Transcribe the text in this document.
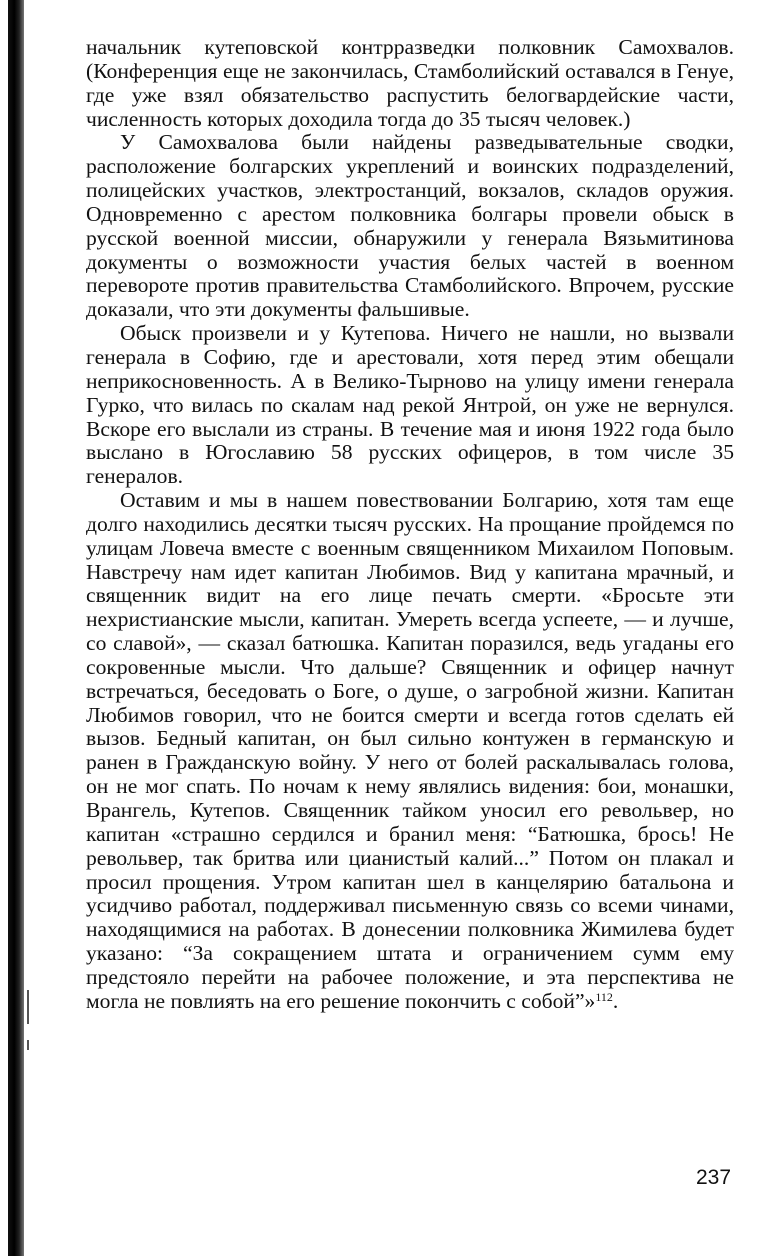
начальник кутеповской контрразведки полковник Самохвалов. (Конференция еще не закончилась, Стамболийский оставался в Генуе, где уже взял обязательство распустить белогвардейские части, численность которых доходила тогда до 35 тысяч человек.)

У Самохвалова были найдены разведывательные сводки, расположение болгарских укреплений и воинских подразделений, полицейских участков, электростанций, вокзалов, складов оружия. Одновременно с арестом полковника болгары провели обыск в русской военной миссии, обнаружили у генерала Вязьмитинова документы о возможности участия белых частей в военном перевороте против правительства Стамболийского. Впрочем, русские доказали, что эти документы фальшивые.

Обыск произвели и у Кутепова. Ничего не нашли, но вызвали генерала в Софию, где и арестовали, хотя перед этим обещали неприкосновенность. А в Велико-Тырново на улицу имени генерала Гурко, что вилась по скалам над рекой Янтрой, он уже не вернулся. Вскоре его выслали из страны. В течение мая и июня 1922 года было выслано в Югославию 58 русских офицеров, в том числе 35 генералов.

Оставим и мы в нашем повествовании Болгарию, хотя там еще долго находились десятки тысяч русских. На прощание пройдемся по улицам Ловеча вместе с военным священником Михаилом Поповым. Навстречу нам идет капитан Любимов. Вид у капитана мрачный, и священник видит на его лице печать смерти. «Бросьте эти нехристианские мысли, капитан. Умереть всегда успеете, — и лучше, со славой», — сказал батюшка. Капитан поразился, ведь угаданы его сокровенные мысли. Что дальше? Священник и офицер начнут встречаться, беседовать о Боге, о душе, о загробной жизни. Капитан Любимов говорил, что не боится смерти и всегда готов сделать ей вызов. Бедный капитан, он был сильно контужен в германскую и ранен в Гражданскую войну. У него от болей раскалывалась голова, он не мог спать. По ночам к нему являлись видения: бои, монашки, Врангель, Кутепов. Священник тайком уносил его револьвер, но капитан «страшно сердился и бранил меня: “Батюшка, брось! Не револьвер, так бритва или цианистый калий...” Потом он плакал и просил прощения. Утром капитан шел в канцелярию батальона и усидчиво работал, поддерживал письменную связь со всеми чинами, находящимися на работах. В донесении полковника Жимилева будет указано: “За сокращением штата и ограничением сумм ему предстояло перейти на рабочее положение, и эта перспектива не могла не повлиять на его решение покончить с собой”»$^{112}$.

237
